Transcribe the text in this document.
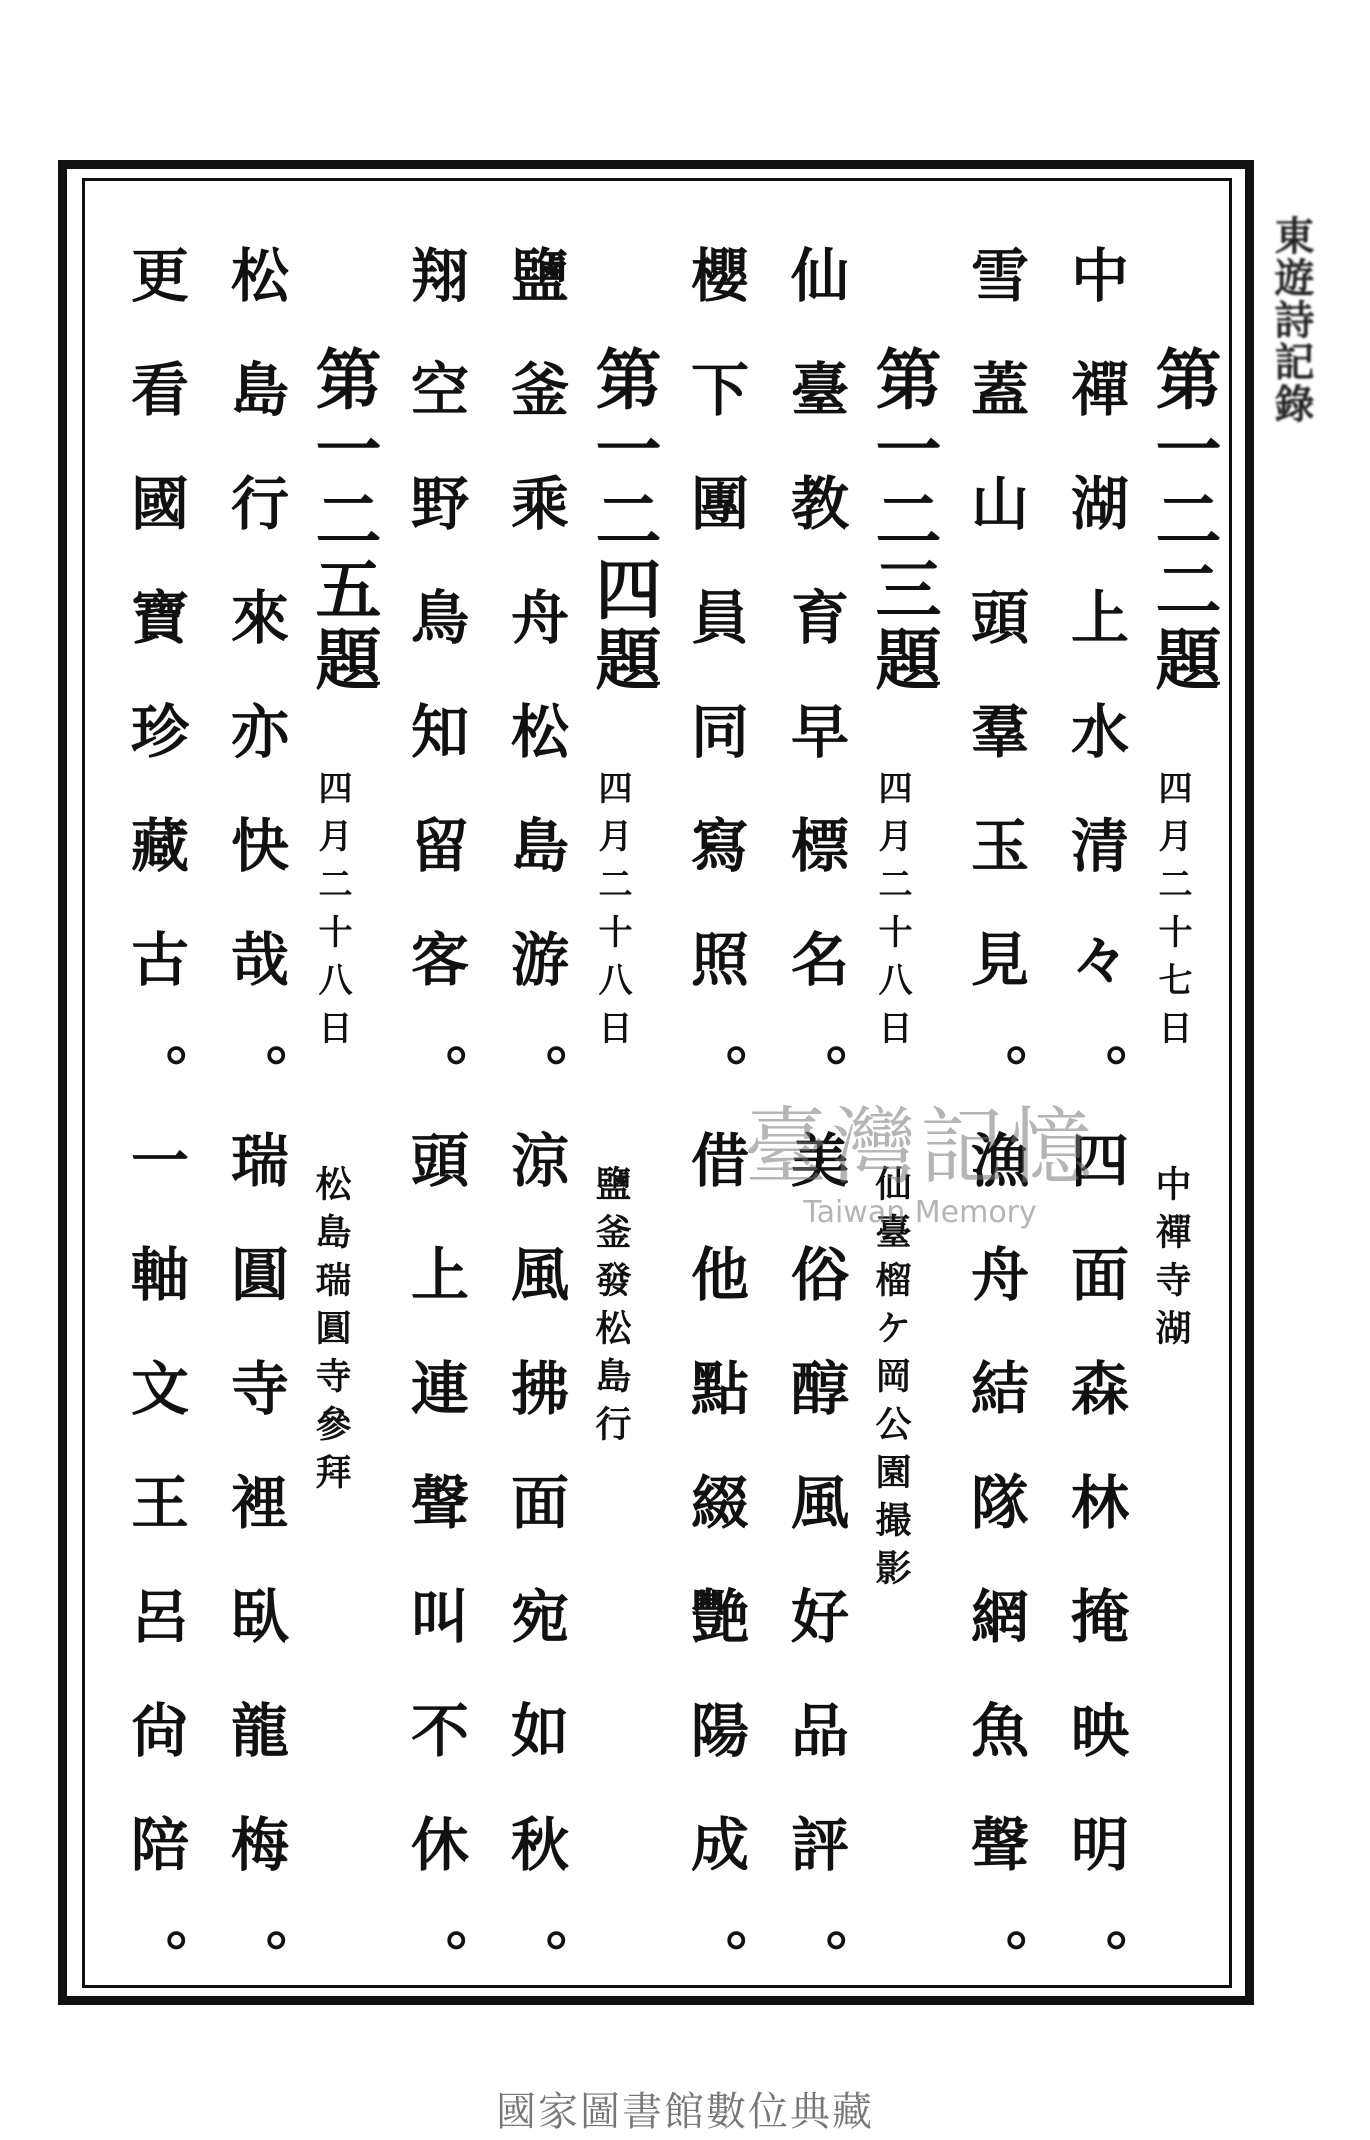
東遊詩記錄
第一二二題
四月二十七日
中禪寺湖
中禪湖上水清々。
四面森林掩映明。
雪蓋山頭羣玉見。
漁舟結隊網魚聲。
第一二三題
四月二十八日
仙臺榴ケ岡公園撮影
仙臺教育早標名。
美俗醇風好品評。
櫻下團員同寫照。
借他點綴艷陽成。
第一二四題
四月二十八日
鹽釜發松島行
鹽釜乘舟松島游。
涼風拂面宛如秋。
翔空野鳥知留客。
頭上連聲叫不休。
第一二五題
四月二十八日
松島瑞圓寺參拜
松島行來亦快哉。
瑞圓寺裡臥龍梅。
更看國寶珍藏古。
一軸文王呂尙陪。	臺灣記憶
Taiwan Memory
國家圖書館數位典藏
